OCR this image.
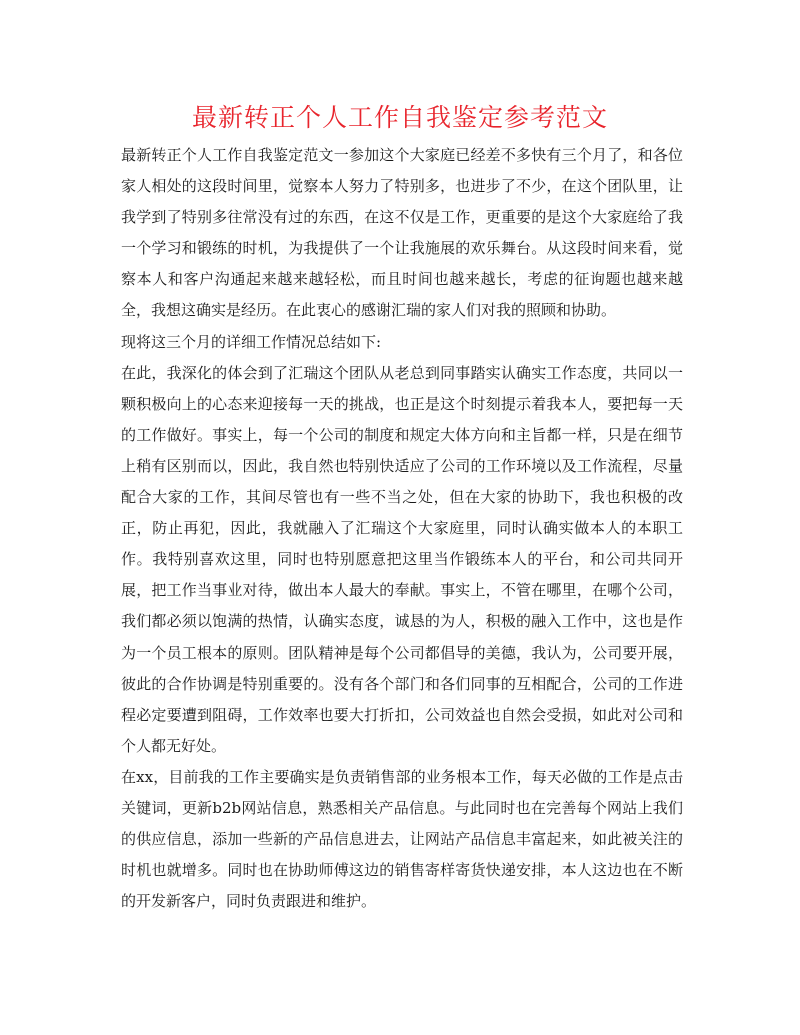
最新转正个人工作自我鉴定参考范文

最新转正个人工作自我鉴定范文一参加这个大家庭已经差不多快有三个月了，和各位家人相处的这段时间里，觉察本人努力了特别多，也进步了不少，在这个团队里，让我学到了特别多往常没有过的东西，在这不仅是工作，更重要的是这个大家庭给了我一个学习和锻练的时机，为我提供了一个让我施展的欢乐舞台。从这段时间来看，觉察本人和客户沟通起来越来越轻松，而且时间也越来越长，考虑的征询题也越来越全，我想这确实是经历。在此衷心的感谢汇瑞的家人们对我的照顾和协助。

现将这三个月的详细工作情况总结如下:

在此，我深化的体会到了汇瑞这个团队从老总到同事踏实认确实工作态度，共同以一颗积极向上的心态来迎接每一天的挑战，也正是这个时刻提示着我本人，要把每一天的工作做好。事实上，每一个公司的制度和规定大体方向和主旨都一样，只是在细节上稍有区别而以，因此，我自然也特别快适应了公司的工作环境以及工作流程，尽量配合大家的工作，其间尽管也有一些不当之处，但在大家的协助下，我也积极的改正，防止再犯，因此，我就融入了汇瑞这个大家庭里，同时认确实做本人的本职工作。我特别喜欢这里，同时也特别愿意把这里当作锻练本人的平台，和公司共同开展，把工作当事业对待，做出本人最大的奉献。事实上，不管在哪里，在哪个公司，我们都必须以饱满的热情，认确实态度，诚恳的为人，积极的融入工作中，这也是作为一个员工根本的原则。团队精神是每个公司都倡导的美德，我认为，公司要开展，彼此的合作协调是特别重要的。没有各个部门和各们同事的互相配合，公司的工作进程必定要遭到阻碍，工作效率也要大打折扣，公司效益也自然会受损，如此对公司和个人都无好处。

在xx，目前我的工作主要确实是负责销售部的业务根本工作，每天必做的工作是点击关键词，更新b2b网站信息，熟悉相关产品信息。与此同时也在完善每个网站上我们的供应信息，添加一些新的产品信息进去，让网站产品信息丰富起来，如此被关注的时机也就增多。同时也在协助师傅这边的销售寄样寄货快递安排，本人这边也在不断的开发新客户，同时负责跟进和维护。
